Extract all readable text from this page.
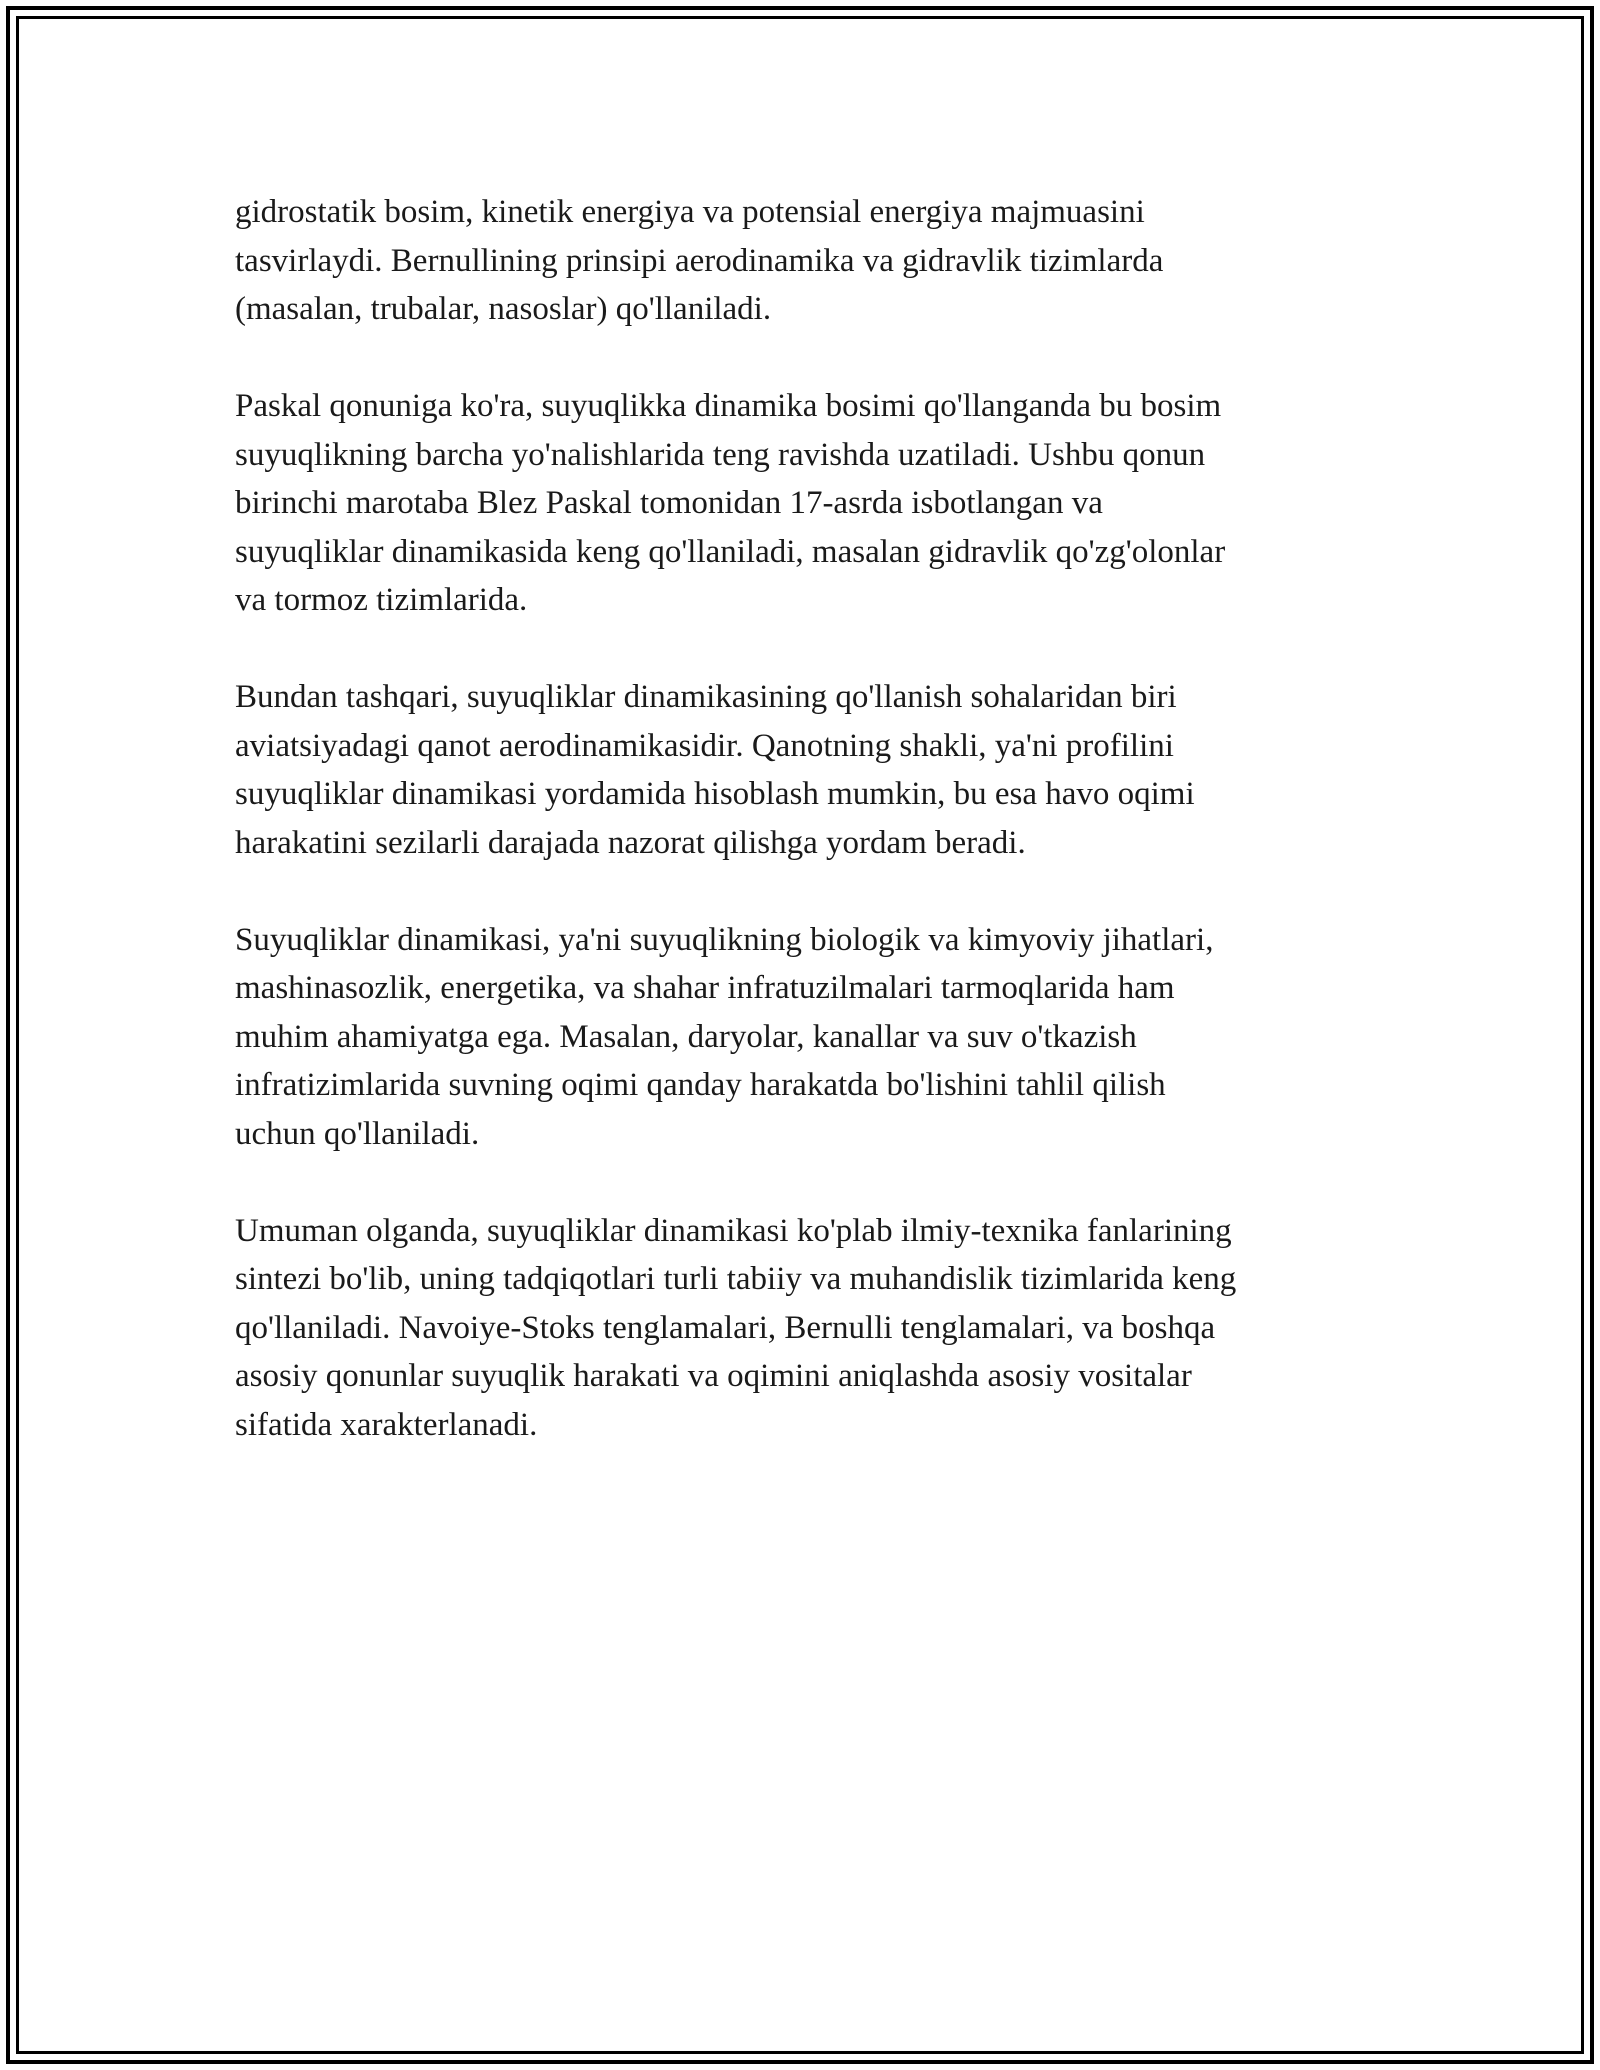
gidrostatik bosim, kinetik energiya va potensial energiya majmuasini
tasvirlaydi. Bernullining prinsipi aerodinamika va gidravlik tizimlarda
(masalan, trubalar, nasoslar) qo'llaniladi.

Paskal qonuniga ko'ra, suyuqlikka dinamika bosimi qo'llanganda bu bosim
suyuqlikning barcha yo'nalishlarida teng ravishda uzatiladi. Ushbu qonun
birinchi marotaba Blez Paskal tomonidan 17-asrda isbotlangan va
suyuqliklar dinamikasida keng qo'llaniladi, masalan gidravlik qo'zg'olonlar
va tormoz tizimlarida.

Bundan tashqari, suyuqliklar dinamikasining qo'llanish sohalaridan biri
aviatsiyadagi qanot aerodinamikasidir. Qanotning shakli, ya'ni profilini
suyuqliklar dinamikasi yordamida hisoblash mumkin, bu esa havo oqimi
harakatini sezilarli darajada nazorat qilishga yordam beradi.

Suyuqliklar dinamikasi, ya'ni suyuqlikning biologik va kimyoviy jihatlari,
mashinasozlik, energetika, va shahar infratuzilmalari tarmoqlarida ham
muhim ahamiyatga ega. Masalan, daryolar, kanallar va suv o'tkazish
infratizimlarida suvning oqimi qanday harakatda bo'lishini tahlil qilish
uchun qo'llaniladi.

Umuman olganda, suyuqliklar dinamikasi ko'plab ilmiy-texnika fanlarining
sintezi bo'lib, uning tadqiqotlari turli tabiiy va muhandislik tizimlarida keng
qo'llaniladi. Navoiye-Stoks tenglamalari, Bernulli tenglamalari, va boshqa
asosiy qonunlar suyuqlik harakati va oqimini aniqlashda asosiy vositalar
sifatida xarakterlanadi.
